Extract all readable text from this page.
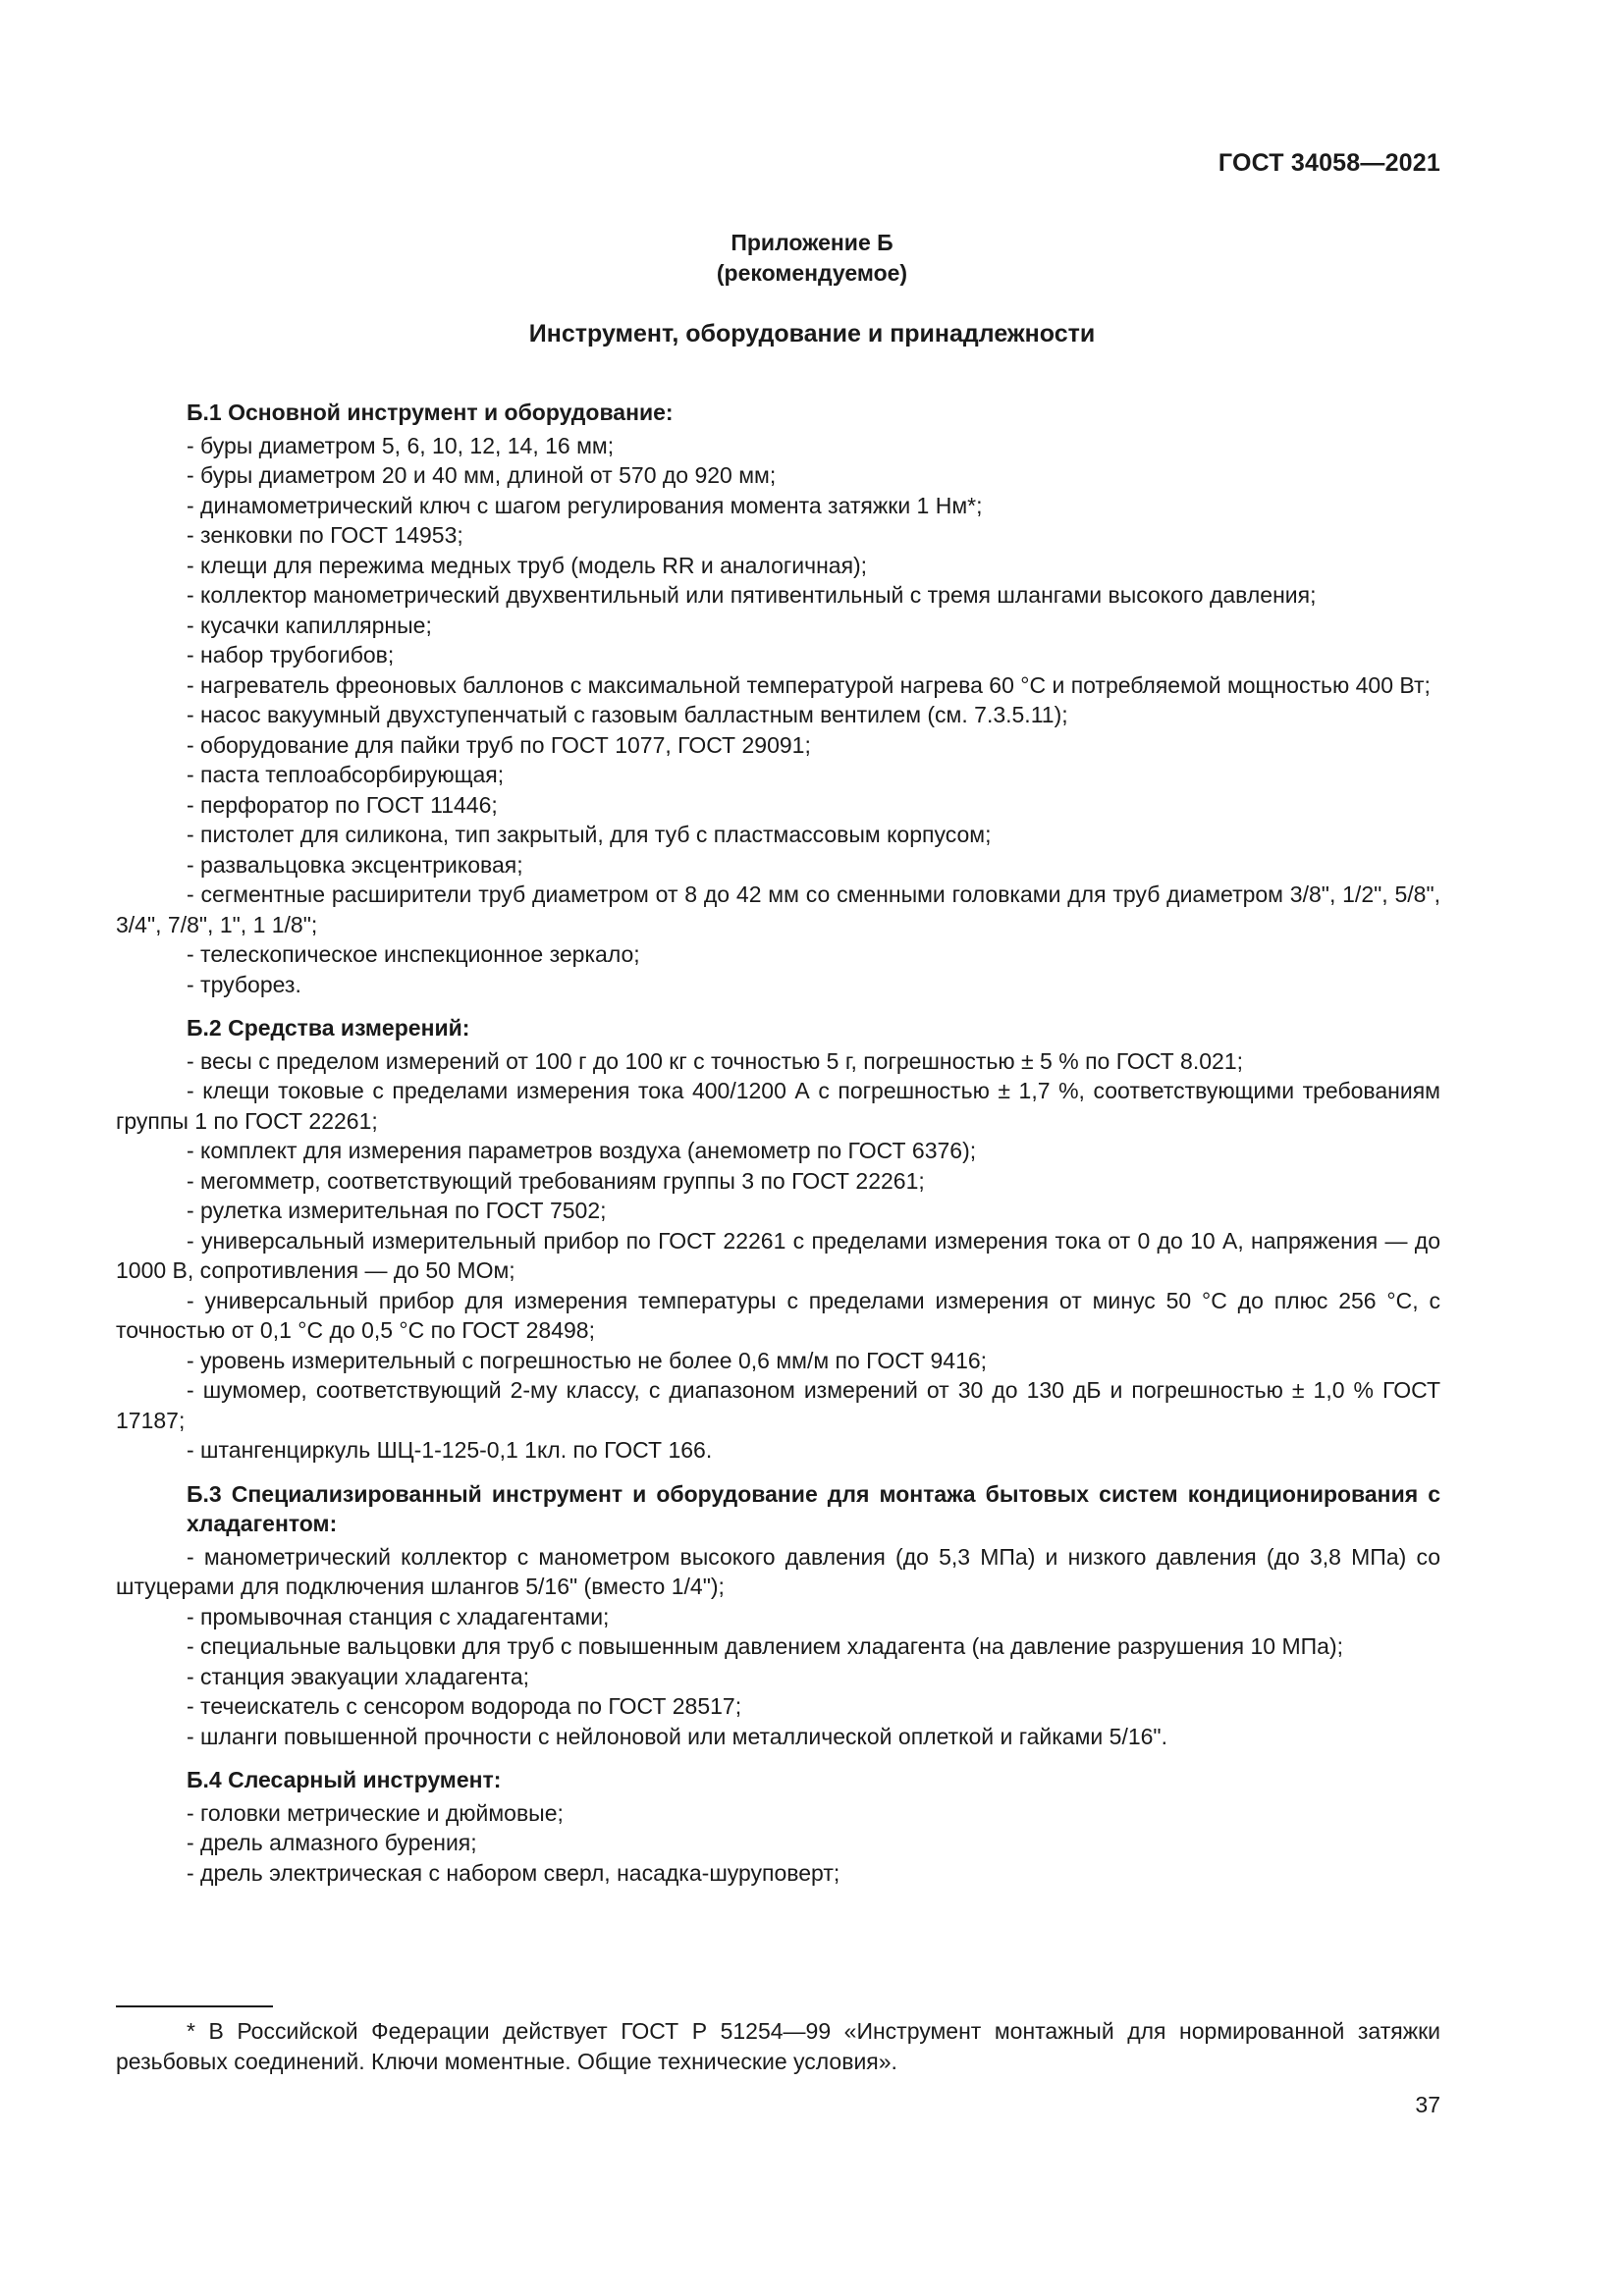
ГОСТ 34058—2021
Приложение Б
(рекомендуемое)
Инструмент, оборудование и принадлежности
Б.1 Основной инструмент и оборудование:
- буры диаметром 5, 6, 10, 12, 14, 16 мм;
- буры диаметром 20 и 40 мм, длиной от 570 до 920 мм;
- динамометрический ключ с шагом регулирования момента затяжки 1 Нм*;
- зенковки по ГОСТ 14953;
- клещи для пережима медных труб (модель RR и аналогичная);
- коллектор манометрический двухвентильный или пятивентильный с тремя шлангами высокого давления;
- кусачки капиллярные;
- набор трубогибов;
- нагреватель фреоновых баллонов с максимальной температурой нагрева 60 °С и потребляемой мощностью 400 Вт;
- насос вакуумный двухступенчатый с газовым балластным вентилем (см. 7.3.5.11);
- оборудование для пайки труб по ГОСТ 1077, ГОСТ 29091;
- паста теплоабсорбирующая;
- перфоратор по ГОСТ 11446;
- пистолет для силикона, тип закрытый, для туб с пластмассовым корпусом;
- развальцовка эксцентриковая;
- сегментные расширители труб диаметром от 8 до 42 мм со сменными головками для труб диаметром 3/8", 1/2", 5/8", 3/4", 7/8", 1", 1 1/8";
- телескопическое инспекционное зеркало;
- труборез.
Б.2 Средства измерений:
- весы с пределом измерений от 100 г до 100 кг с точностью 5 г, погрешностью ± 5 % по ГОСТ 8.021;
- клещи токовые с пределами измерения тока 400/1200 А с погрешностью ± 1,7 %, соответствующими требованиям группы 1 по ГОСТ 22261;
- комплект для измерения параметров воздуха (анемометр по ГОСТ 6376);
- мегомметр, соответствующий требованиям группы 3 по ГОСТ 22261;
- рулетка измерительная по ГОСТ 7502;
- универсальный измерительный прибор по ГОСТ 22261 с пределами измерения тока от 0 до 10 А, напряжения — до 1000 В, сопротивления — до 50 МОм;
- универсальный прибор для измерения температуры с пределами измерения от минус 50 °С до плюс 256 °С, с точностью от 0,1 °С до 0,5 °С по ГОСТ 28498;
- уровень измерительный с погрешностью не более 0,6 мм/м по ГОСТ 9416;
- шумомер, соответствующий 2-му классу, с диапазоном измерений от 30 до 130 дБ и погрешностью ± 1,0 % ГОСТ 17187;
- штангенциркуль ШЦ-1-125-0,1 1кл. по ГОСТ 166.
Б.3 Специализированный инструмент и оборудование для монтажа бытовых систем кондиционирования с хладагентом:
- манометрический коллектор с манометром высокого давления (до 5,3 МПа) и низкого давления (до 3,8 МПа) со штуцерами для подключения шлангов 5/16" (вместо 1/4");
- промывочная станция с хладагентами;
- специальные вальцовки для труб с повышенным давлением хладагента (на давление разрушения 10 МПа);
- станция эвакуации хладагента;
- течеискатель с сенсором водорода по ГОСТ 28517;
- шланги повышенной прочности с нейлоновой или металлической оплеткой и гайками 5/16".
Б.4 Слесарный инструмент:
- головки метрические и дюймовые;
- дрель алмазного бурения;
- дрель электрическая с набором сверл, насадка-шуруповерт;
* В Российской Федерации действует ГОСТ Р 51254—99 «Инструмент монтажный для нормированной затяжки резьбовых соединений. Ключи моментные. Общие технические условия».
37
